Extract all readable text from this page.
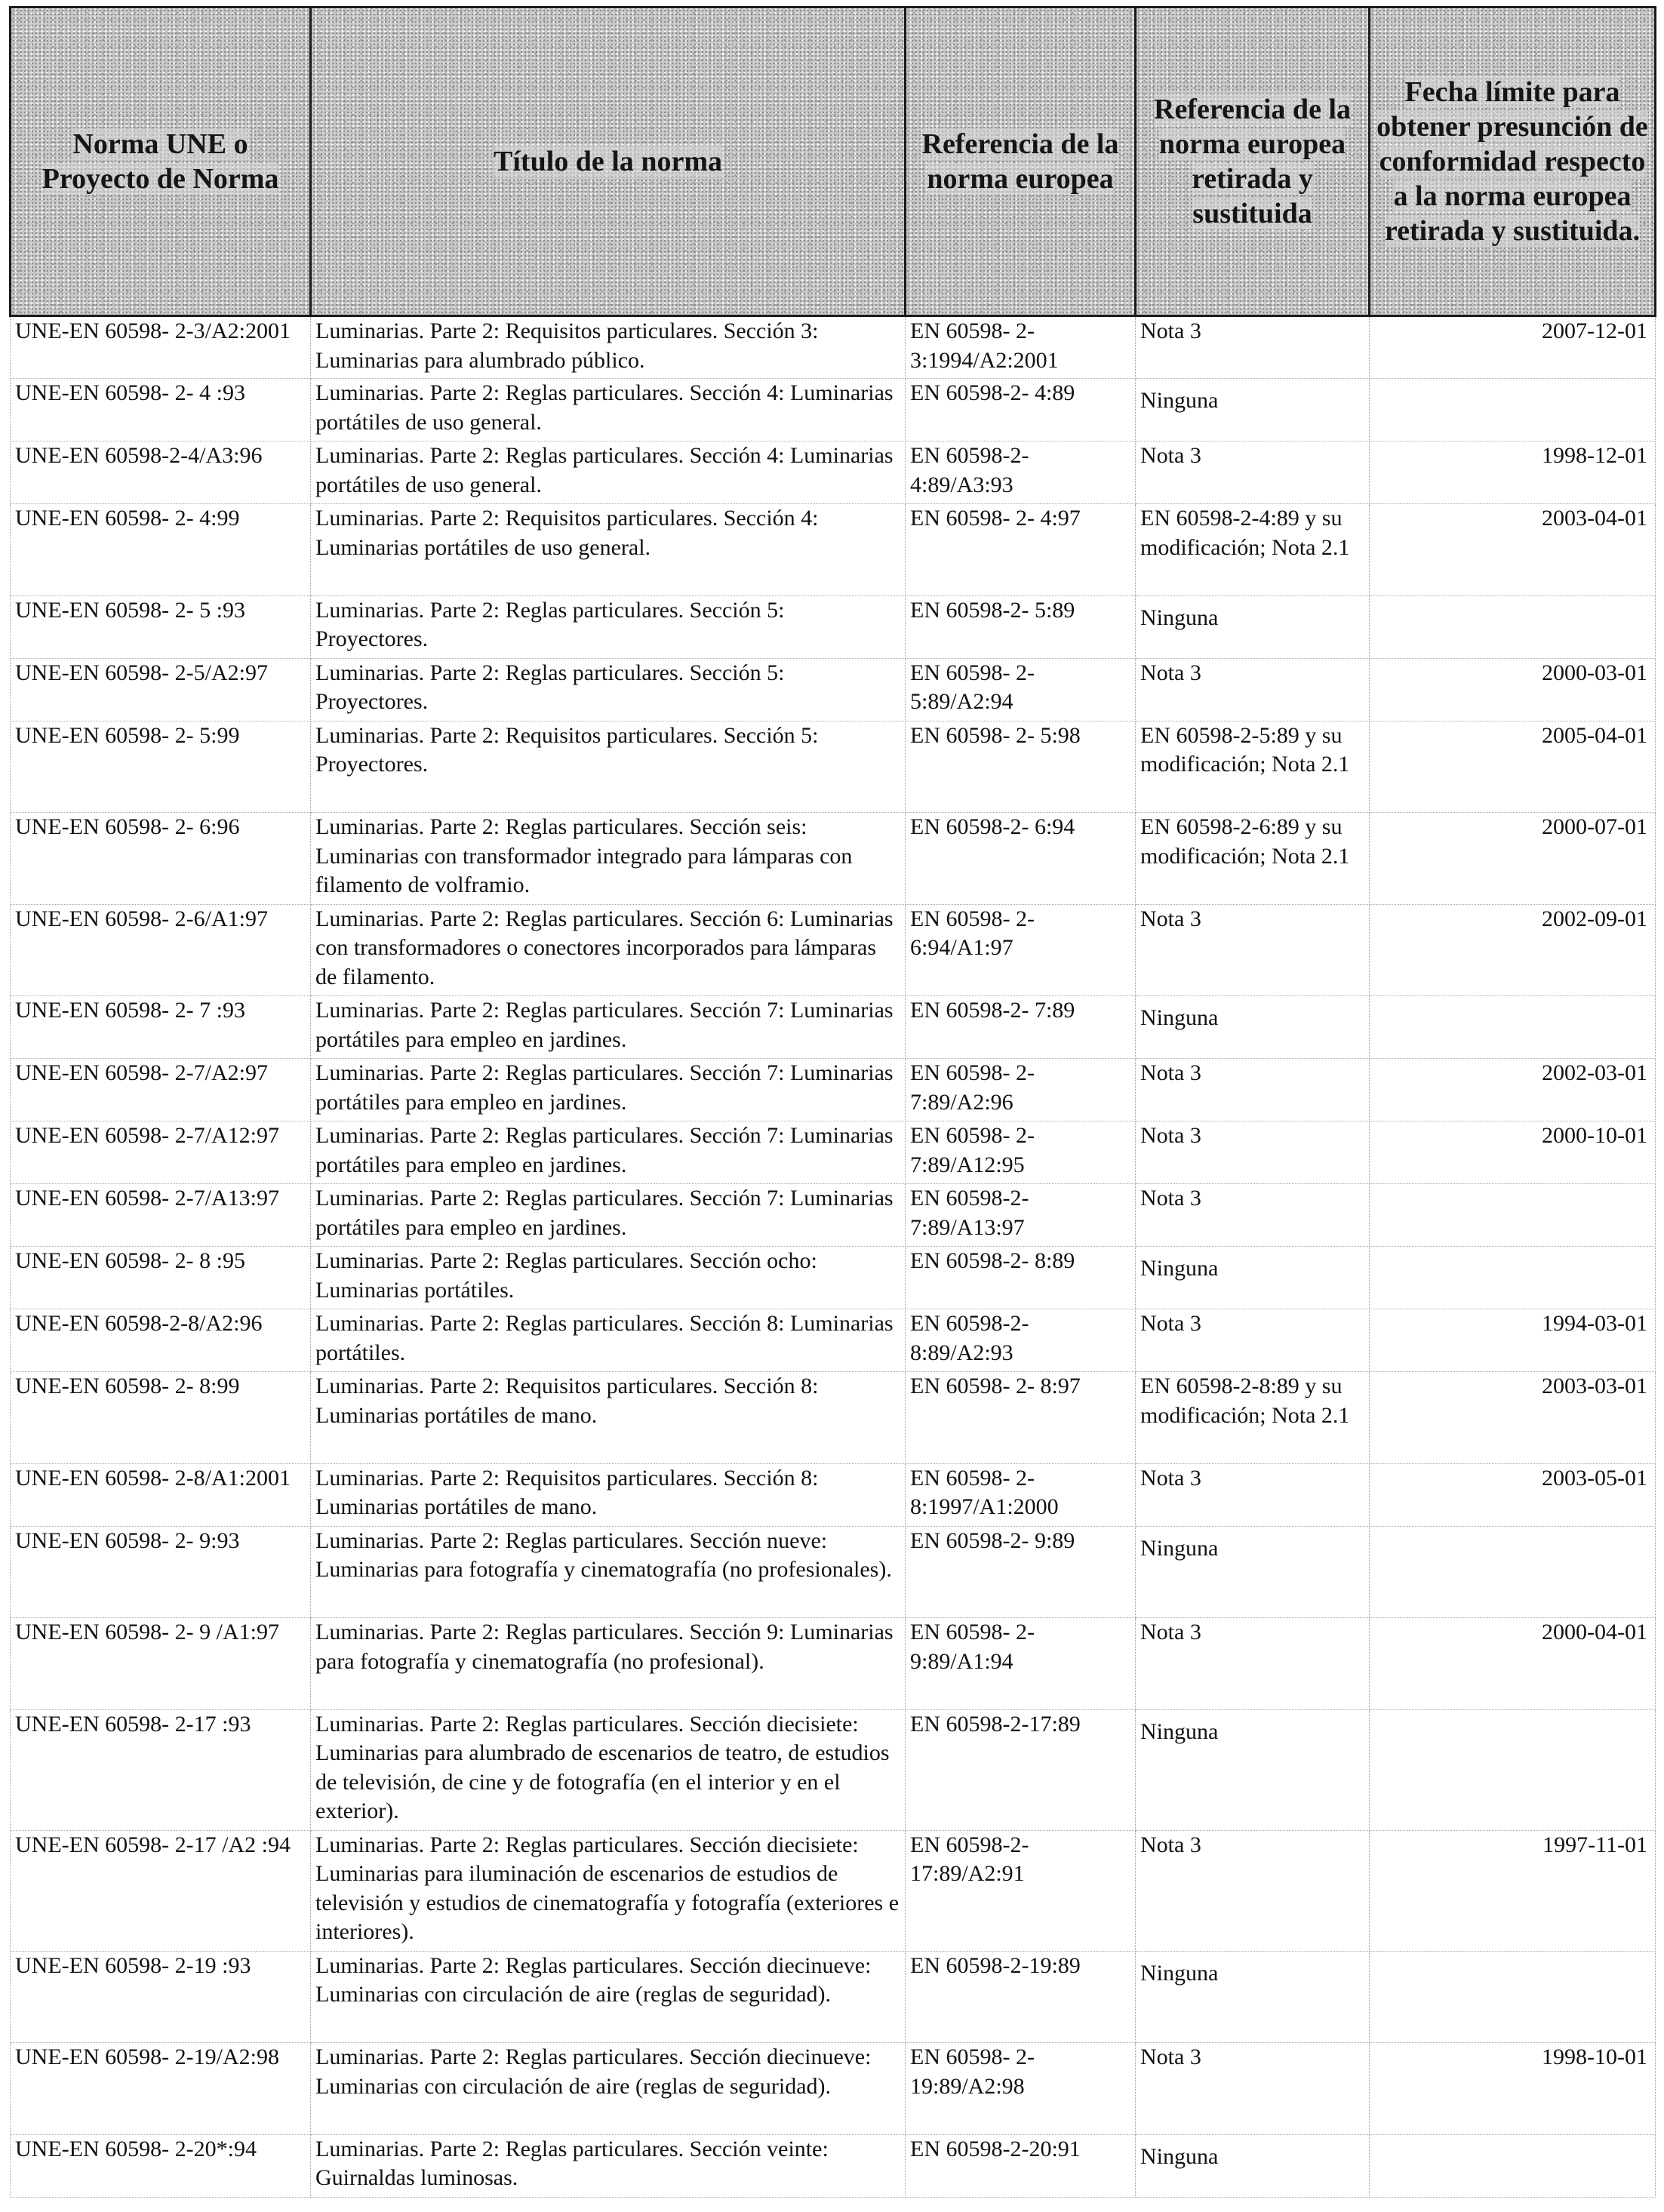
Norma UNE o Proyecto de Norma	Título de la norma	Referencia de la norma europea	Referencia de la norma europea retirada y sustituida	Fecha límite para obtener presunción de conformidad respecto a la norma europea retirada y sustituida.
UNE-EN 60598- 2-3/A2:2001	Luminarias. Parte 2: Requisitos particulares. Sección 3: Luminarias para alumbrado público.	EN 60598- 2-3:1994/A2:2001	Nota 3	2007-12-01
UNE-EN 60598- 2- 4 :93	Luminarias. Parte 2: Reglas particulares. Sección 4: Luminarias portátiles de uso general.	EN 60598-2- 4:89	Ninguna	
UNE-EN 60598-2-4/A3:96	Luminarias. Parte 2: Reglas particulares. Sección 4: Luminarias portátiles de uso general.	EN 60598-2-4:89/A3:93	Nota 3	1998-12-01
UNE-EN 60598- 2- 4:99	Luminarias. Parte 2: Requisitos particulares. Sección 4: Luminarias portátiles de uso general.	EN 60598- 2- 4:97	EN 60598-2-4:89 y su modificación; Nota 2.1	2003-04-01
UNE-EN 60598- 2- 5 :93	Luminarias. Parte 2: Reglas particulares. Sección 5: Proyectores.	EN 60598-2- 5:89	Ninguna	
UNE-EN 60598- 2-5/A2:97	Luminarias. Parte 2: Reglas particulares. Sección 5: Proyectores.	EN 60598- 2-5:89/A2:94	Nota 3	2000-03-01
UNE-EN 60598- 2- 5:99	Luminarias. Parte 2: Requisitos particulares. Sección 5: Proyectores.	EN 60598- 2- 5:98	EN 60598-2-5:89 y su modificación; Nota 2.1	2005-04-01
UNE-EN 60598- 2- 6:96	Luminarias. Parte 2: Reglas particulares. Sección seis: Luminarias con transformador integrado para lámparas con filamento de volframio.	EN 60598-2- 6:94	EN 60598-2-6:89 y su modificación; Nota 2.1	2000-07-01
UNE-EN 60598- 2-6/A1:97	Luminarias. Parte 2: Reglas particulares. Sección 6: Luminarias con transformadores o conectores incorporados para lámparas de filamento.	EN 60598- 2-6:94/A1:97	Nota 3	2002-09-01
UNE-EN 60598- 2- 7 :93	Luminarias. Parte 2: Reglas particulares. Sección 7: Luminarias portátiles para empleo en jardines.	EN 60598-2- 7:89	Ninguna	
UNE-EN 60598- 2-7/A2:97	Luminarias. Parte 2: Reglas particulares. Sección 7: Luminarias portátiles para empleo en jardines.	EN 60598- 2-7:89/A2:96	Nota 3	2002-03-01
UNE-EN 60598- 2-7/A12:97	Luminarias. Parte 2: Reglas particulares. Sección 7: Luminarias portátiles para empleo en jardines.	EN 60598- 2-7:89/A12:95	Nota 3	2000-10-01
UNE-EN 60598- 2-7/A13:97	Luminarias. Parte 2: Reglas particulares. Sección 7: Luminarias portátiles para empleo en jardines.	EN 60598-2-7:89/A13:97	Nota 3	
UNE-EN 60598- 2- 8 :95	Luminarias. Parte 2: Reglas particulares. Sección ocho: Luminarias portátiles.	EN 60598-2- 8:89	Ninguna	
UNE-EN 60598-2-8/A2:96	Luminarias. Parte 2: Reglas particulares. Sección 8: Luminarias portátiles.	EN 60598-2-8:89/A2:93	Nota 3	1994-03-01
UNE-EN 60598- 2- 8:99	Luminarias. Parte 2: Requisitos particulares. Sección 8: Luminarias portátiles de mano.	EN 60598- 2- 8:97	EN 60598-2-8:89 y su modificación; Nota 2.1	2003-03-01
UNE-EN 60598- 2-8/A1:2001	Luminarias. Parte 2: Requisitos particulares. Sección 8: Luminarias portátiles de mano.	EN 60598- 2-8:1997/A1:2000	Nota 3	2003-05-01
UNE-EN 60598- 2- 9:93	Luminarias. Parte 2: Reglas particulares. Sección nueve: Luminarias para fotografía y cinematografía (no profesionales).	EN 60598-2- 9:89	Ninguna	
UNE-EN 60598- 2- 9 /A1:97	Luminarias. Parte 2: Reglas particulares. Sección 9: Luminarias para fotografía y cinematografía (no profesional).	EN 60598- 2-9:89/A1:94	Nota 3	2000-04-01
UNE-EN 60598- 2-17 :93	Luminarias. Parte 2: Reglas particulares. Sección diecisiete: Luminarias para alumbrado de escenarios de teatro, de estudios de televisión, de cine y de fotografía (en el interior y en el exterior).	EN 60598-2-17:89	Ninguna	
UNE-EN 60598- 2-17 /A2 :94	Luminarias. Parte 2: Reglas particulares. Sección diecisiete: Luminarias para iluminación de escenarios de estudios de televisión y estudios de cinematografía y fotografía (exteriores e interiores).	EN 60598-2-17:89/A2:91	Nota 3	1997-11-01
UNE-EN 60598- 2-19 :93	Luminarias. Parte 2: Reglas particulares. Sección diecinueve: Luminarias con circulación de aire (reglas de seguridad).	EN 60598-2-19:89	Ninguna	
UNE-EN 60598- 2-19/A2:98	Luminarias. Parte 2: Reglas particulares. Sección diecinueve: Luminarias con circulación de aire (reglas de seguridad).	EN 60598- 2-19:89/A2:98	Nota 3	1998-10-01
UNE-EN 60598- 2-20*:94	Luminarias. Parte 2: Reglas particulares. Sección veinte: Guirnaldas luminosas.	EN 60598-2-20:91	Ninguna	
